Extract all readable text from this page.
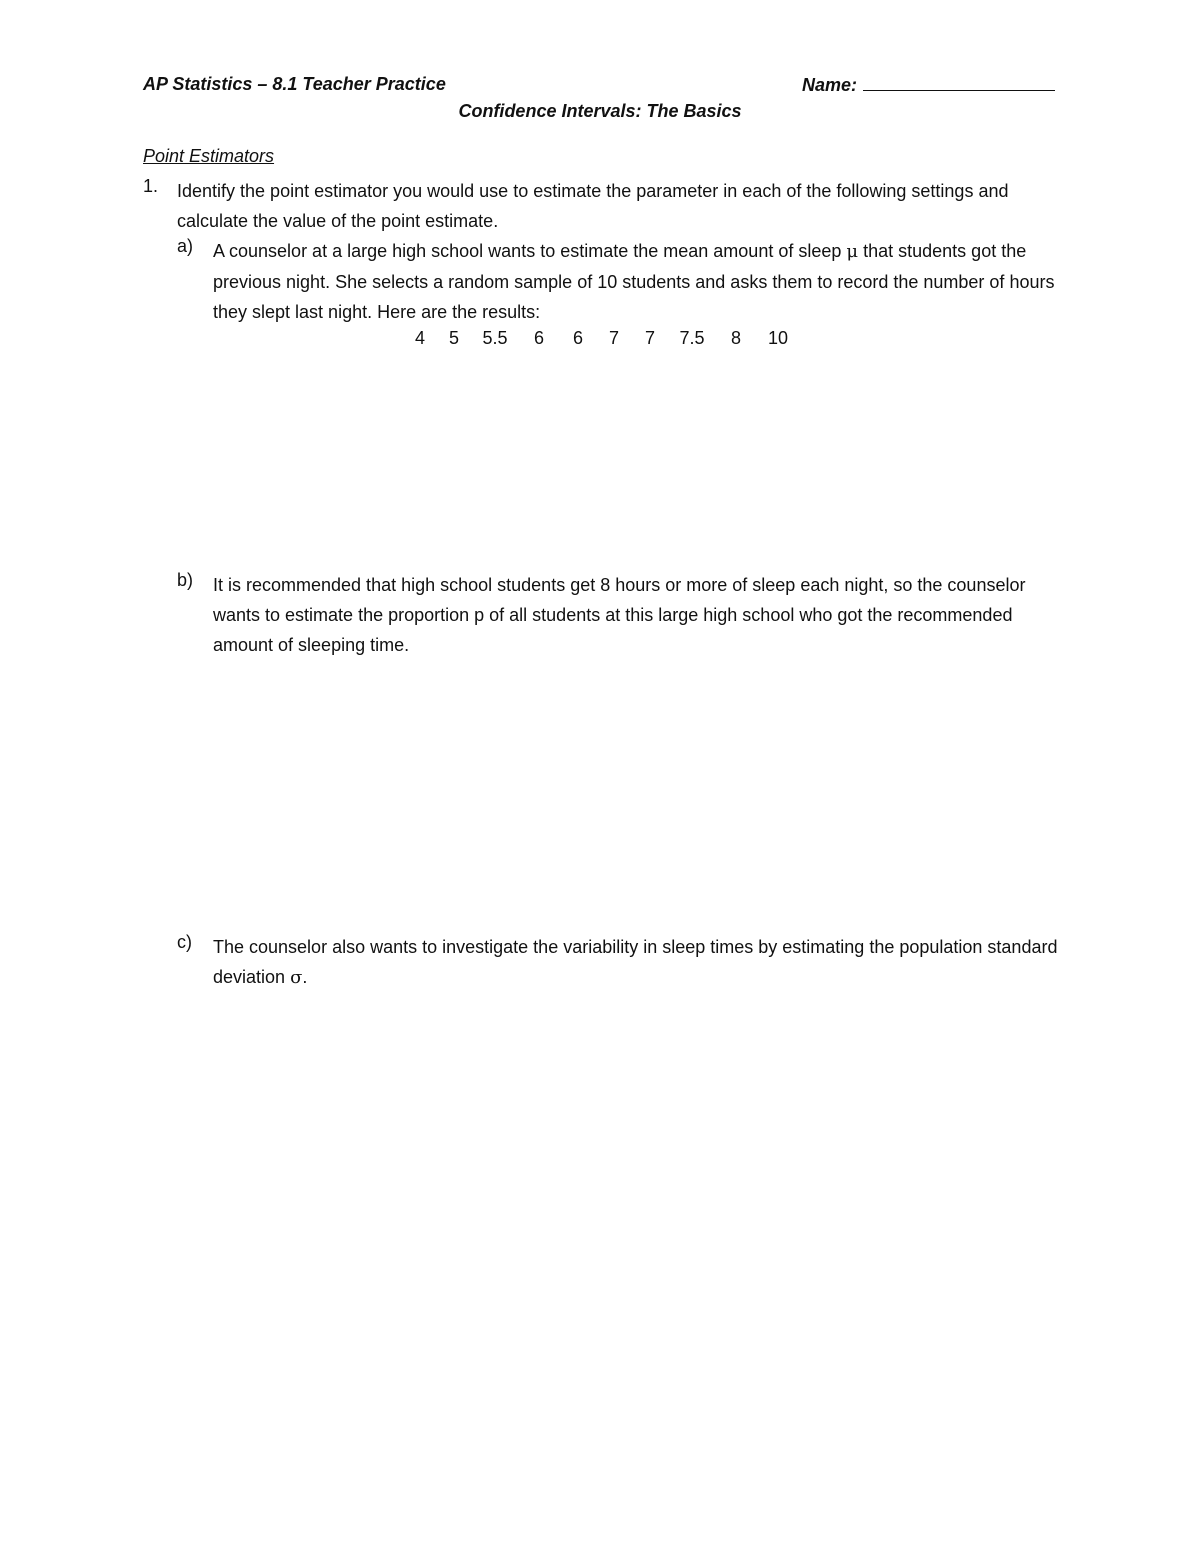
AP Statistics – 8.1 Teacher Practice	Name:
Confidence Intervals: The Basics
Point Estimators
1. Identify the point estimator you would use to estimate the parameter in each of the following settings and calculate the value of the point estimate.
a) A counselor at a large high school wants to estimate the mean amount of sleep μ that students got the previous night. She selects a random sample of 10 students and asks them to record the number of hours they slept last night. Here are the results:
4	5	5.5	6	6	7	7	7.5	8	10
b) It is recommended that high school students get 8 hours or more of sleep each night, so the counselor wants to estimate the proportion p of all students at this large high school who got the recommended amount of sleeping time.
c) The counselor also wants to investigate the variability in sleep times by estimating the population standard deviation σ.
